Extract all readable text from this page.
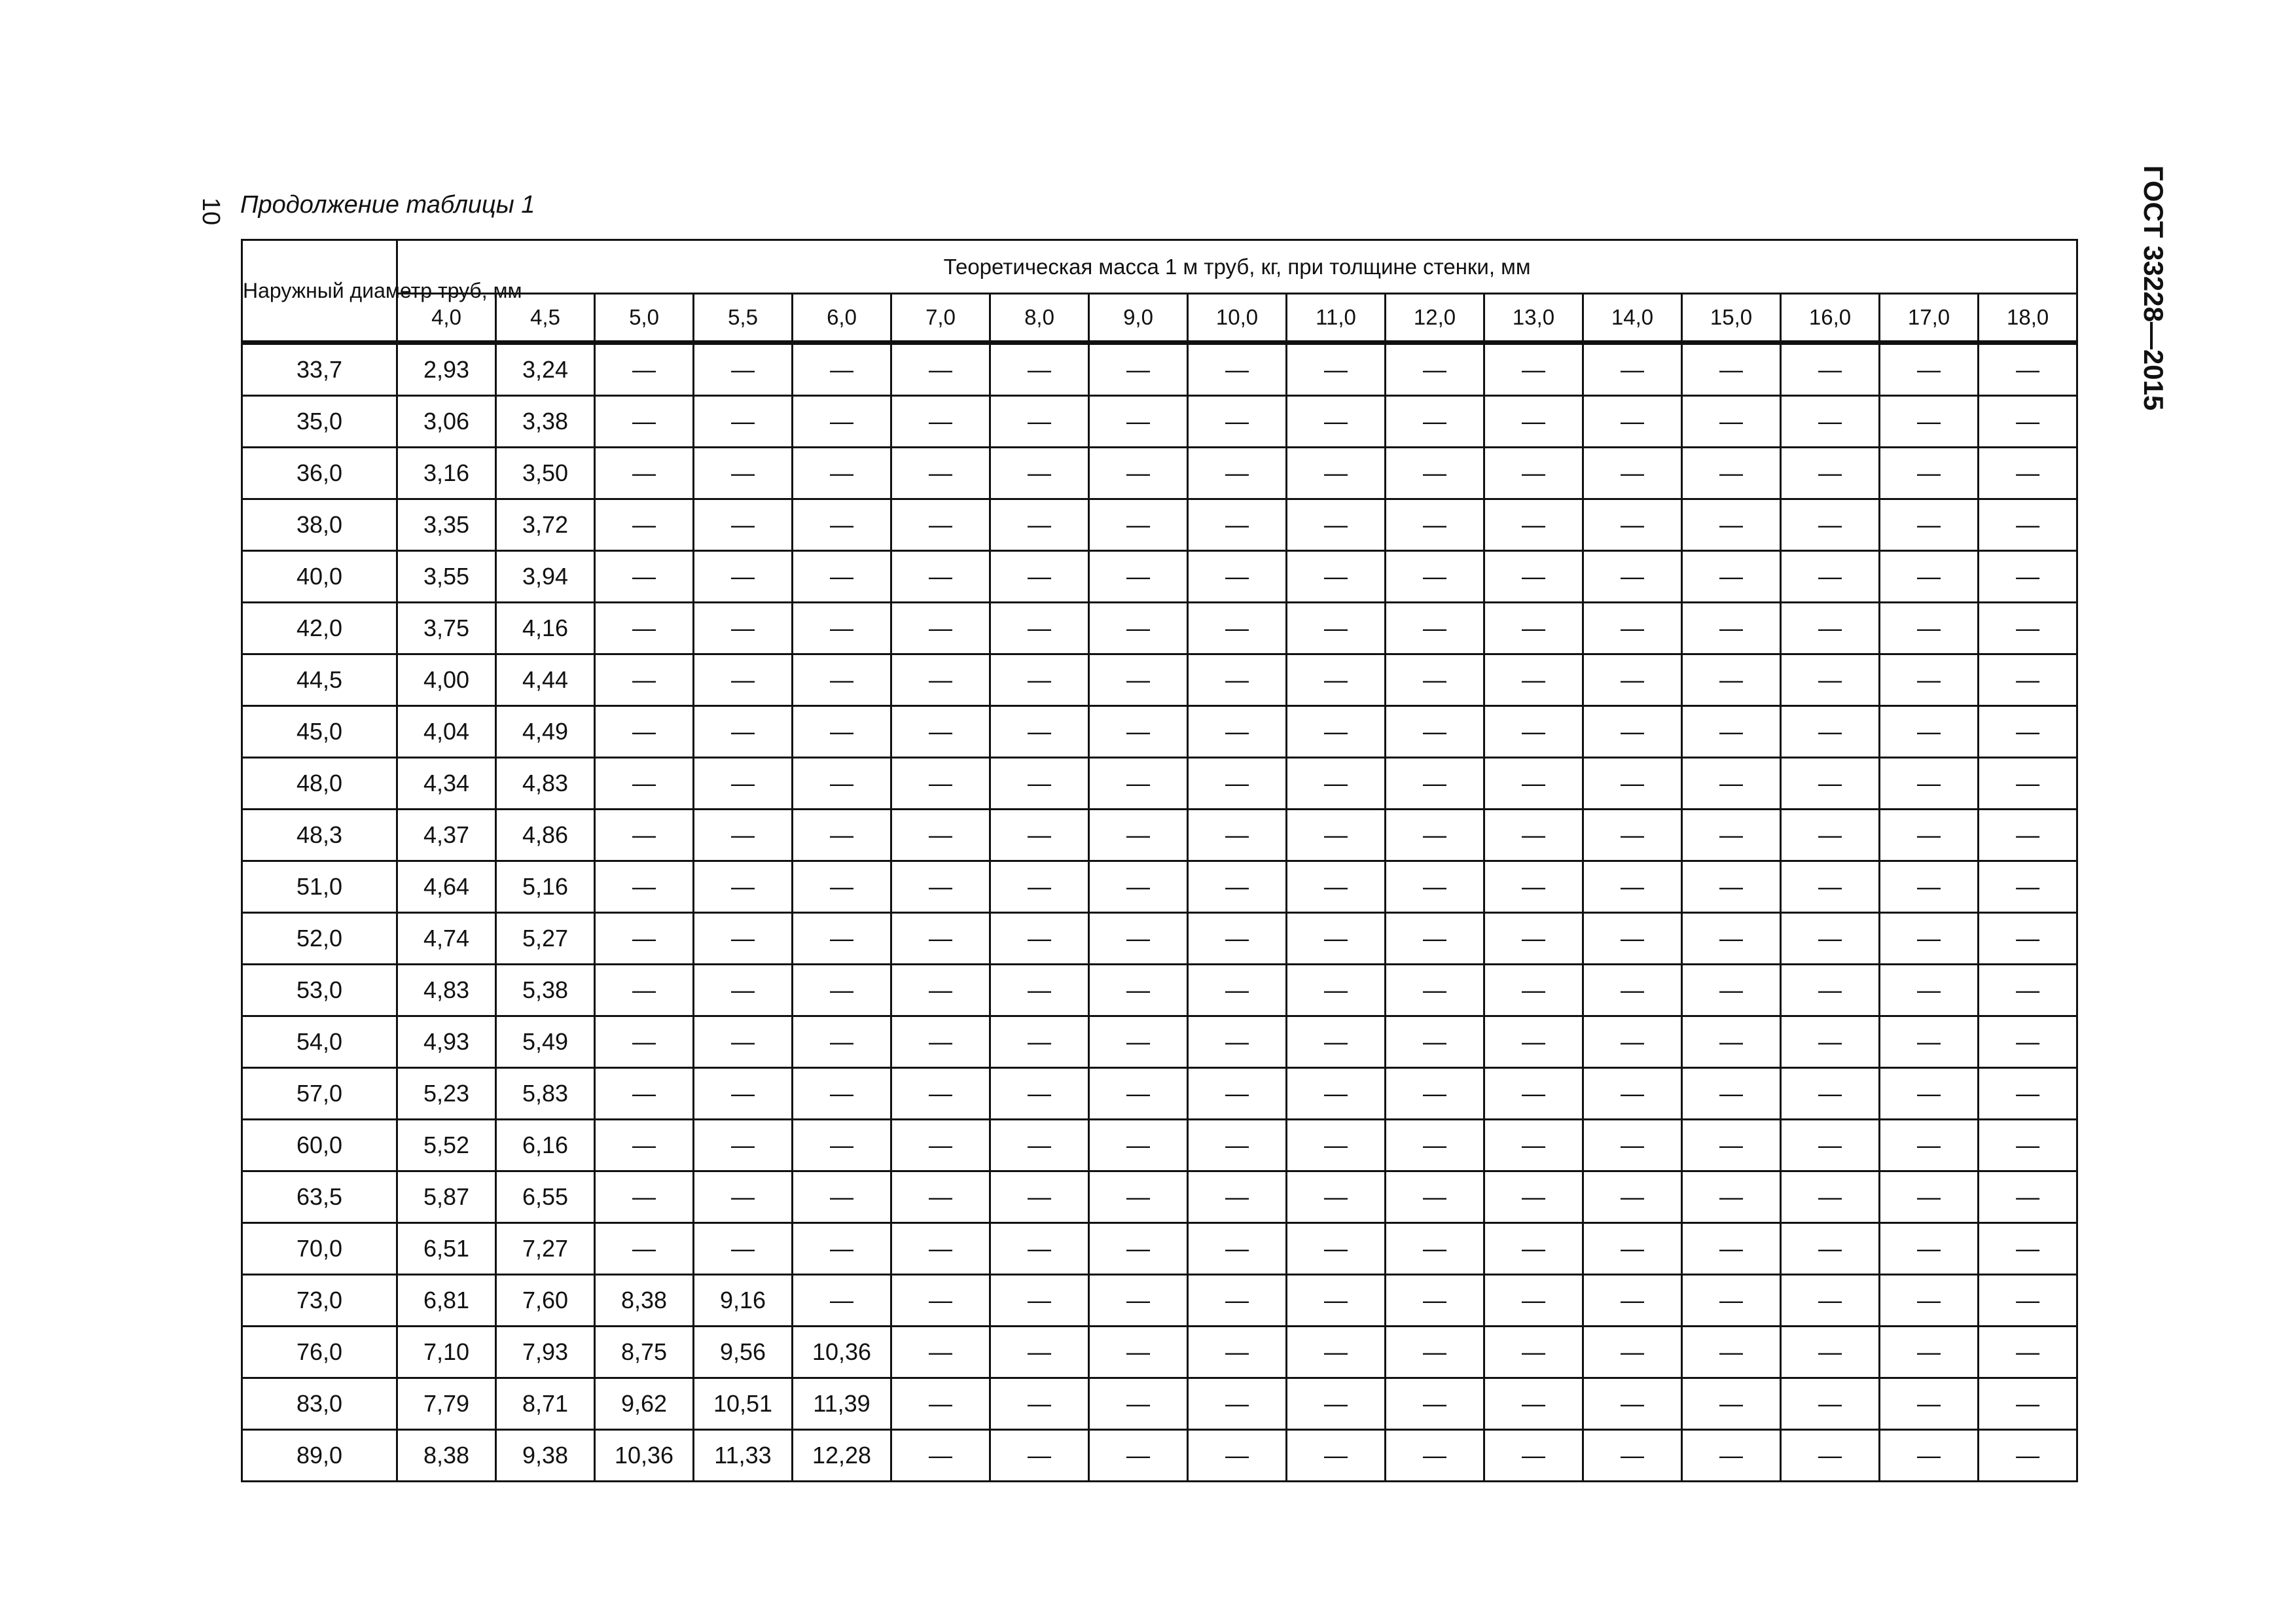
10 Продолжение таблицы 1	ГОСТ 33228—2015
Наружный диаметр труб, мм	Теоретическая масса 1 м труб, кг, при толщине стенки, мм																
	4,0	4,5	5,0	5,5	6,0	7,0	8,0	9,0	10,0	11,0	12,0	13,0	14,0	15,0	16,0	17,0	18,0
33,7	2,93	3,24	—	—	—	—	—	—	—	—	—	—	—	—	—	—	—
35,0	3,06	3,38	—	—	—	—	—	—	—	—	—	—	—	—	—	—	—
36,0	3,16	3,50	—	—	—	—	—	—	—	—	—	—	—	—	—	—	—
38,0	3,35	3,72	—	—	—	—	—	—	—	—	—	—	—	—	—	—	—
40,0	3,55	3,94	—	—	—	—	—	—	—	—	—	—	—	—	—	—	—
42,0	3,75	4,16	—	—	—	—	—	—	—	—	—	—	—	—	—	—	—
44,5	4,00	4,44	—	—	—	—	—	—	—	—	—	—	—	—	—	—	—
45,0	4,04	4,49	—	—	—	—	—	—	—	—	—	—	—	—	—	—	—
48,0	4,34	4,83	—	—	—	—	—	—	—	—	—	—	—	—	—	—	—
48,3	4,37	4,86	—	—	—	—	—	—	—	—	—	—	—	—	—	—	—
51,0	4,64	5,16	—	—	—	—	—	—	—	—	—	—	—	—	—	—	—
52,0	4,74	5,27	—	—	—	—	—	—	—	—	—	—	—	—	—	—	—
53,0	4,83	5,38	—	—	—	—	—	—	—	—	—	—	—	—	—	—	—
54,0	4,93	5,49	—	—	—	—	—	—	—	—	—	—	—	—	—	—	—
57,0	5,23	5,83	—	—	—	—	—	—	—	—	—	—	—	—	—	—	—
60,0	5,52	6,16	—	—	—	—	—	—	—	—	—	—	—	—	—	—	—
63,5	5,87	6,55	—	—	—	—	—	—	—	—	—	—	—	—	—	—	—
70,0	6,51	7,27	—	—	—	—	—	—	—	—	—	—	—	—	—	—	—
73,0	6,81	7,60	8,38	9,16	—	—	—	—	—	—	—	—	—	—	—	—	—
76,0	7,10	7,93	8,75	9,56	10,36	—	—	—	—	—	—	—	—	—	—	—	—
83,0	7,79	8,71	9,62	10,51	11,39	—	—	—	—	—	—	—	—	—	—	—	—
89,0	8,38	9,38	10,36	11,33	12,28	—	—	—	—	—	—	—	—	—	—	—	—
